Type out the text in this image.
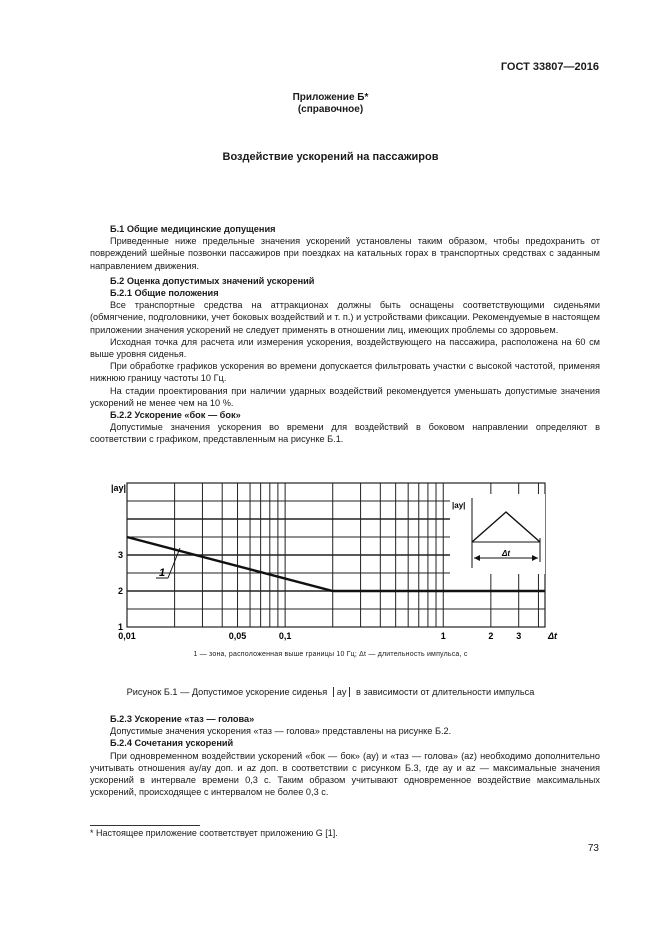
ГОСТ 33807—2016
Приложение Б*
(справочное)
Воздействие ускорений на пассажиров
Б.1 Общие медицинские допущения
Приведенные ниже предельные значения ускорений установлены таким образом, чтобы предохранить от повреждений шейные позвонки пассажиров при поездках на катальных горах в транспортных средствах с заданным направлением движения.
Б.2 Оценка допустимых значений ускорений
Б.2.1 Общие положения
Все транспортные средства на аттракционах должны быть оснащены соответствующими сиденьями (обмягчение, подголовники, учет боковых воздействий и т. п.) и устройствами фиксации. Рекомендуемые в настоящем приложении значения ускорений не следует применять в отношении лиц, имеющих проблемы со здоровьем.
Исходная точка для расчета или измерения ускорения, воздействующего на пассажира, расположена на 60 см выше уровня сиденья.
При обработке графиков ускорения во времени допускается фильтровать участки с высокой частотой, применяя нижнюю границу частоты 10 Гц.
На стадии проектирования при наличии ударных воздействий рекомендуется уменьшать допустимые значения ускорений не менее чем на 10 %.
Б.2.2 Ускорение «бок — бок»
Допустимые значения ускорения во времени для воздействий в боковом направлении определяют в соответствии с графиком, представленным на рисунке Б.1.
1
2
3
0,01	0,05	0,1	1	2	3
|aу|
Δt
1
|aу|
Δt
1 — зона, расположенная выше границы 10 Гц; Δt — длительность импульса, с
Рисунок Б.1 — Допустимое ускорение сиденья aу в зависимости от длительности импульса
Б.2.3 Ускорение «таз — голова»
Допустимые значения ускорения «таз — голова» представлены на рисунке Б.2.
Б.2.4 Сочетания ускорений
При одновременном воздействии ускорений «бок — бок» (aу) и «таз — голова» (az) необходимо дополнительно учитывать отношения aу/aу доп. и az доп. в соответствии с рисунком Б.3, где aу и az — максимальные значения ускорений в интервале времени 0,3 с. Таким образом учитывают одновременное воздействие максимальных ускорений, происходящее с интервалом не более 0,3 с.
* Настоящее приложение соответствует приложению G [1].
73
